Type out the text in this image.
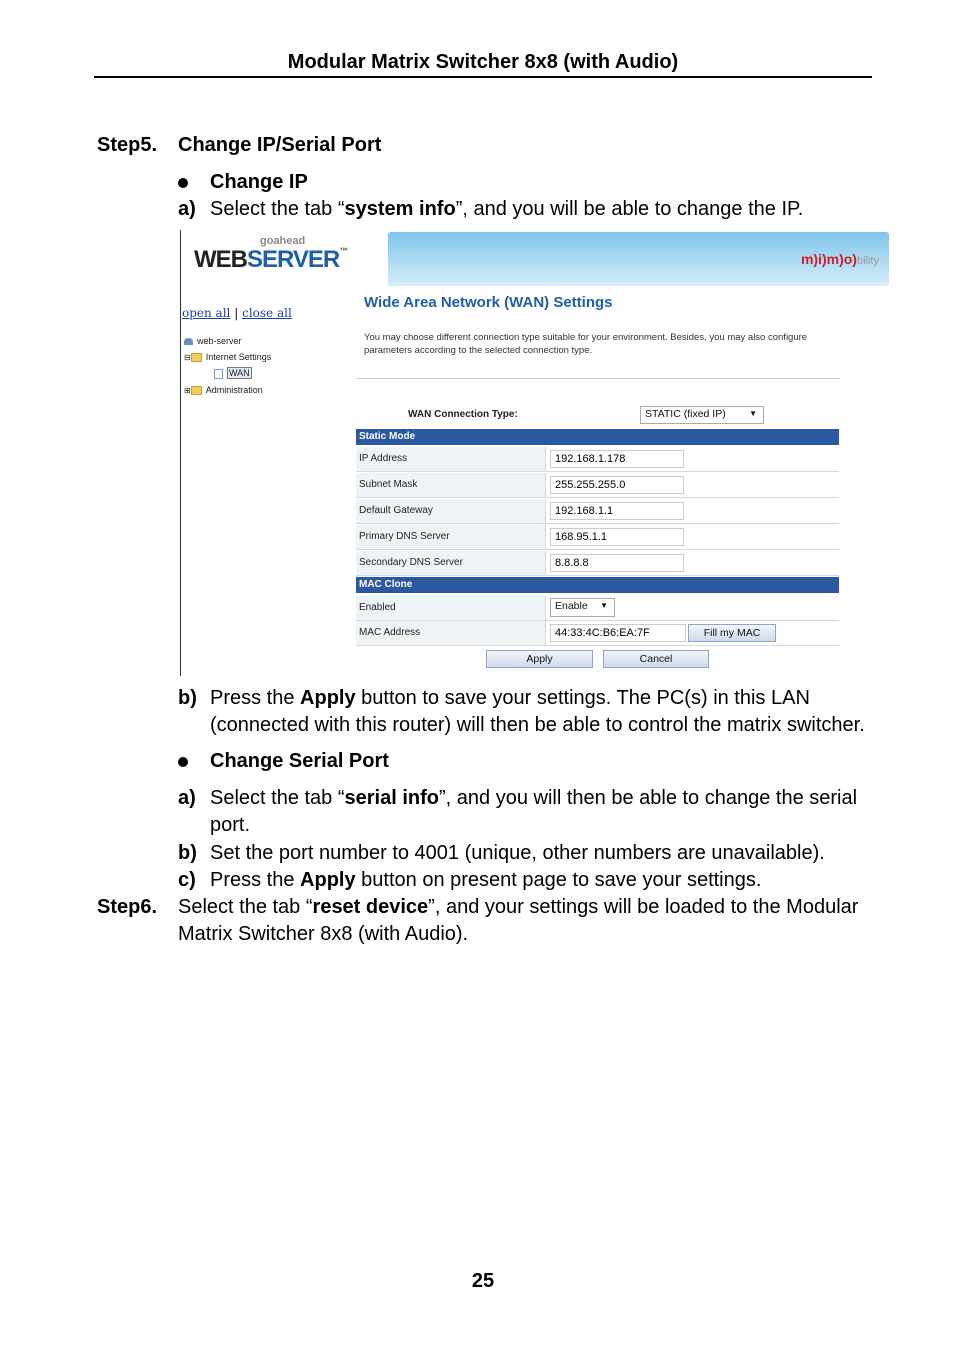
Modular Matrix Switcher 8x8 (with Audio)
Step5. Change IP/Serial Port
Change IP
a) Select the tab “system info”, and you will be able to change the IP.
goahead
WEBSERVER™	m)i)m)o)bility
open all | close all
web-server
⊟ Internet Settings
WAN
⊞ Administration
Wide Area Network (WAN) Settings
You may choose different connection type suitable for your environment. Besides, you may also configure parameters according to the selected connection type.
WAN Connection Type:	STATIC (fixed IP)	▼
Static Mode
IP Address	192.168.1.178
Subnet Mask	255.255.255.0
Default Gateway	192.168.1.1
Primary DNS Server	168.95.1.1
Secondary DNS Server	8.8.8.8
MAC Clone
Enabled	Enable ▼
MAC Address	44:33:4C:B6:EA:7F	Fill my MAC
Apply	Cancel
b) Press the Apply button to save your settings. The PC(s) in this LAN
(connected with this router) will then be able to control the matrix switcher.
Change Serial Port
a) Select the tab “serial info”, and you will then be able to change the serial
port.
b) Set the port number to 4001 (unique, other numbers are unavailable).
c) Press the Apply button on present page to save your settings.
Step6. Select the tab “reset device”, and your settings will be loaded to the Modular
Matrix Switcher 8x8 (with Audio).
25
